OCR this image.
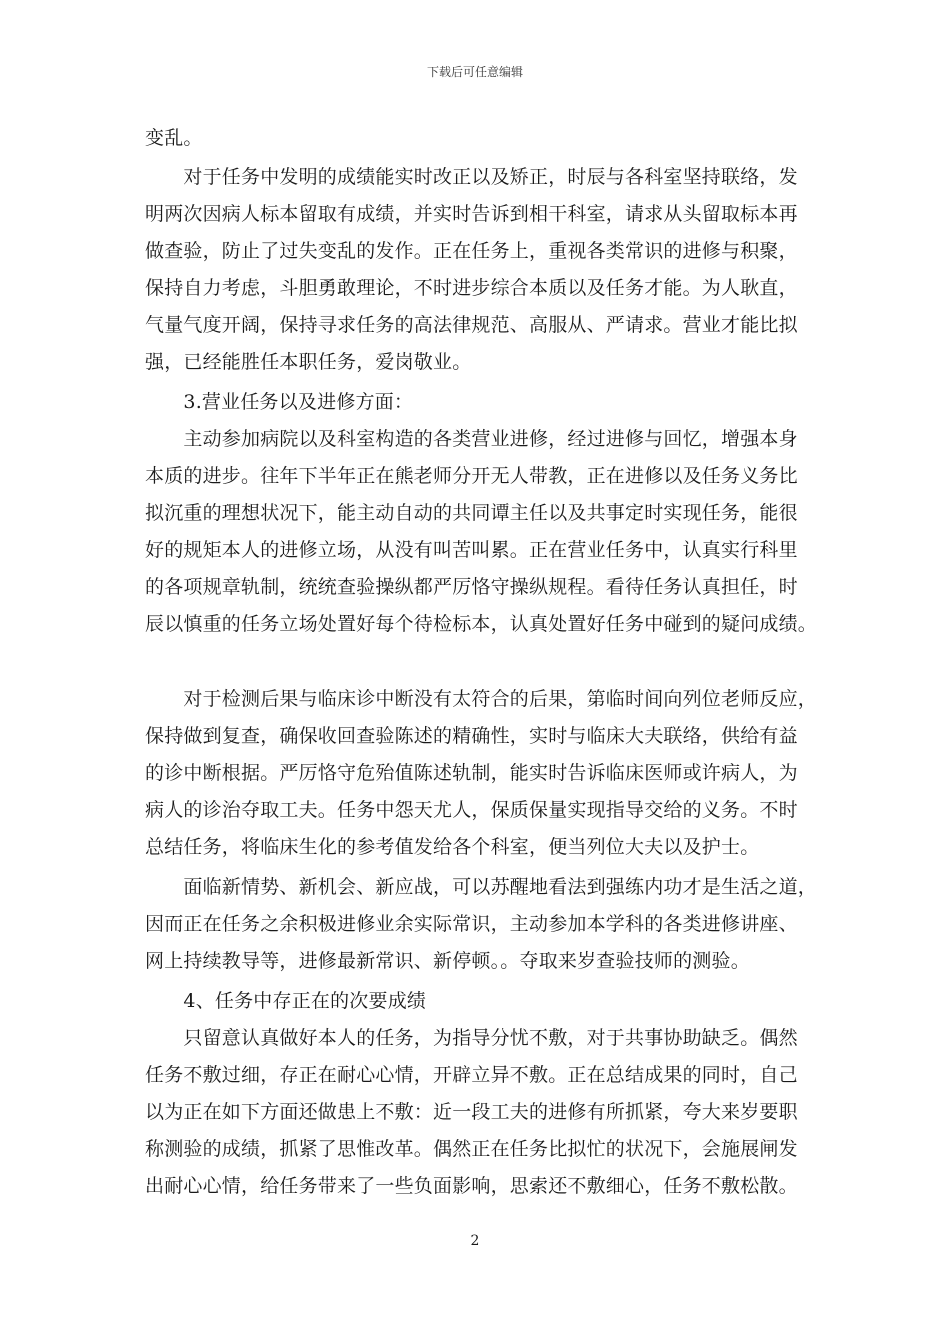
下载后可任意编辑
变乱。
　　对于任务中发明的成绩能实时改正以及矫正，时辰与各科室坚持联络，发
明两次因病人标本留取有成绩，并实时告诉到相干科室，请求从头留取标本再
做查验，防止了过失变乱的发作。正在任务上，重视各类常识的进修与积聚，
保持自力考虑，斗胆勇敢理论，不时进步综合本质以及任务才能。为人耿直，
气量气度开阔，保持寻求任务的高法律规范、高服从、严请求。营业才能比拟
强，已经能胜任本职任务，爱岗敬业。
　　3.营业任务以及进修方面：
　　主动参加病院以及科室构造的各类营业进修，经过进修与回忆，增强本身
本质的进步。往年下半年正在熊老师分开无人带教，正在进修以及任务义务比
拟沉重的理想状况下，能主动自动的共同谭主任以及共事定时实现任务，能很
好的规矩本人的进修立场，从没有叫苦叫累。正在营业任务中，认真实行科里
的各项规章轨制，统统查验操纵都严厉恪守操纵规程。看待任务认真担任，时
辰以慎重的任务立场处置好每个待检标本，认真处置好任务中碰到的疑问成绩。
　　对于检测后果与临床诊中断没有太符合的后果，第临时间向列位老师反应，
保持做到复查，确保收回查验陈述的精确性，实时与临床大夫联络，供给有益
的诊中断根据。严厉恪守危殆值陈述轨制，能实时告诉临床医师或许病人，为
病人的诊治夺取工夫。任务中怨天尤人，保质保量实现指导交给的义务。不时
总结任务，将临床生化的参考值发给各个科室，便当列位大夫以及护士。
　　面临新情势、新机会、新应战，可以苏醒地看法到强练内功才是生活之道，
因而正在任务之余积极进修业余实际常识，主动参加本学科的各类进修讲座、
网上持续教导等，进修最新常识、新停顿。。夺取来岁查验技师的测验。
　　4、任务中存正在的次要成绩
　　只留意认真做好本人的任务，为指导分忧不敷，对于共事协助缺乏。偶然
任务不敷过细，存正在耐心心情，开辟立异不敷。正在总结成果的同时，自己
以为正在如下方面还做患上不敷：近一段工夫的进修有所抓紧，夸大来岁要职
称测验的成绩，抓紧了思惟改革。偶然正在任务比拟忙的状况下，会施展闸发
出耐心心情，给任务带来了一些负面影响，思索还不敷细心，任务不敷松散。
2
